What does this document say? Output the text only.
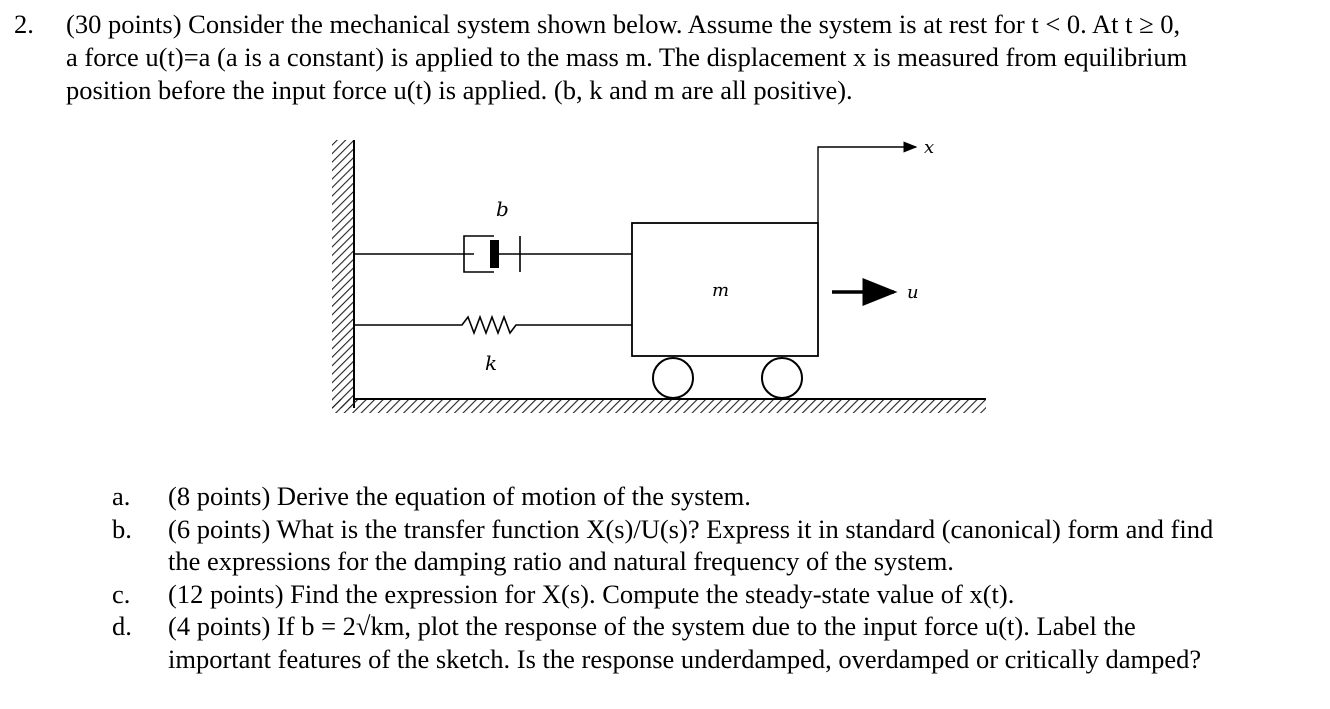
2. (30 points) Consider the mechanical system shown below. Assume the system is at rest for t < 0. At t ≥ 0,
a force u(t)=a (a is a constant) is applied to the mass m. The displacement x is measured from equilibrium
position before the input force u(t) is applied. (b, k and m are all positive).
b
k
m	u
x
a. (8 points) Derive the equation of motion of the system.
b. (6 points) What is the transfer function X(s)/U(s)? Express it in standard (canonical) form and find
the expressions for the damping ratio and natural frequency of the system.
c. (12 points) Find the expression for X(s). Compute the steady-state value of x(t).
d. (4 points) If b = 2√km, plot the response of the system due to the input force u(t). Label the
important features of the sketch. Is the response underdamped, overdamped or critically damped?
